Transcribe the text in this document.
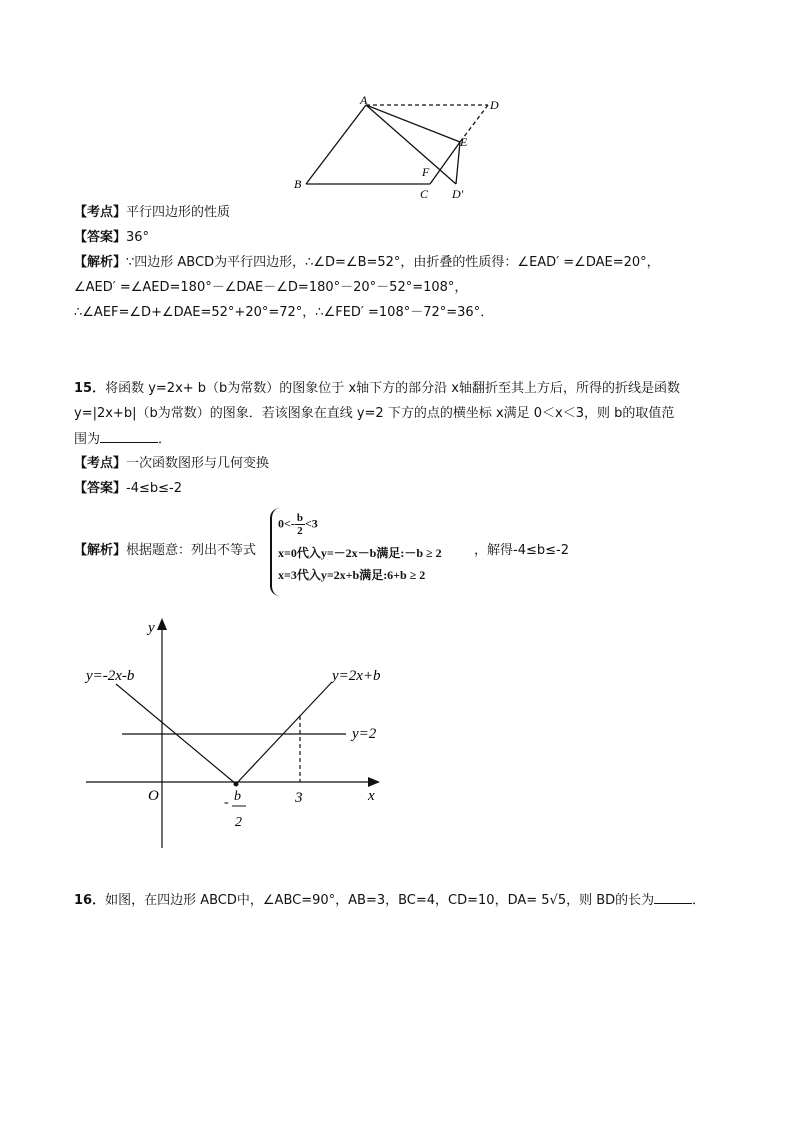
A	D
E
B
F
C D′
【考点】平行四边形的性质
【答案】36°
【解析】∵四边形 ABCD为平行四边形，∴∠D=∠B=52°，由折叠的性质得：∠EAD′ =∠DAE=20°，
∠AED′ =∠AED=180°－∠DAE－∠D=180°－20°－52°=108°，
∴∠AEF=∠D+∠DAE=52°+20°=72°，∴∠FED′ =108°－72°=36°．
15．将函数 y=2x+ b（b为常数）的图象位于 x轴下方的部分沿 x轴翻折至其上方后，所得的折线是函数
y=|2x+b|（b为常数）的图象．若该图象在直线 y=2 下方的点的横坐标 x满足 0＜x＜3，则 b的取值范
围为	．
【考点】一次函数图形与几何变换
【答案】-4≤b≤-2
【解析】根据题意：列出不等式
$0<- \frac{b}{2} <3$
x=0代入y=－2x－b满足:－b ≥ 2
x=3代入y=2x+b满足:6+b ≥ 2
，解得-4≤b≤-2
y
x
O
y=-2x-b	y=2x+b
y=2
3
- b
2
16．如图，在四边形 ABCD中，∠ABC=90°，AB=3，BC=4，CD=10，DA= 5√5，则 BD的长为	．
